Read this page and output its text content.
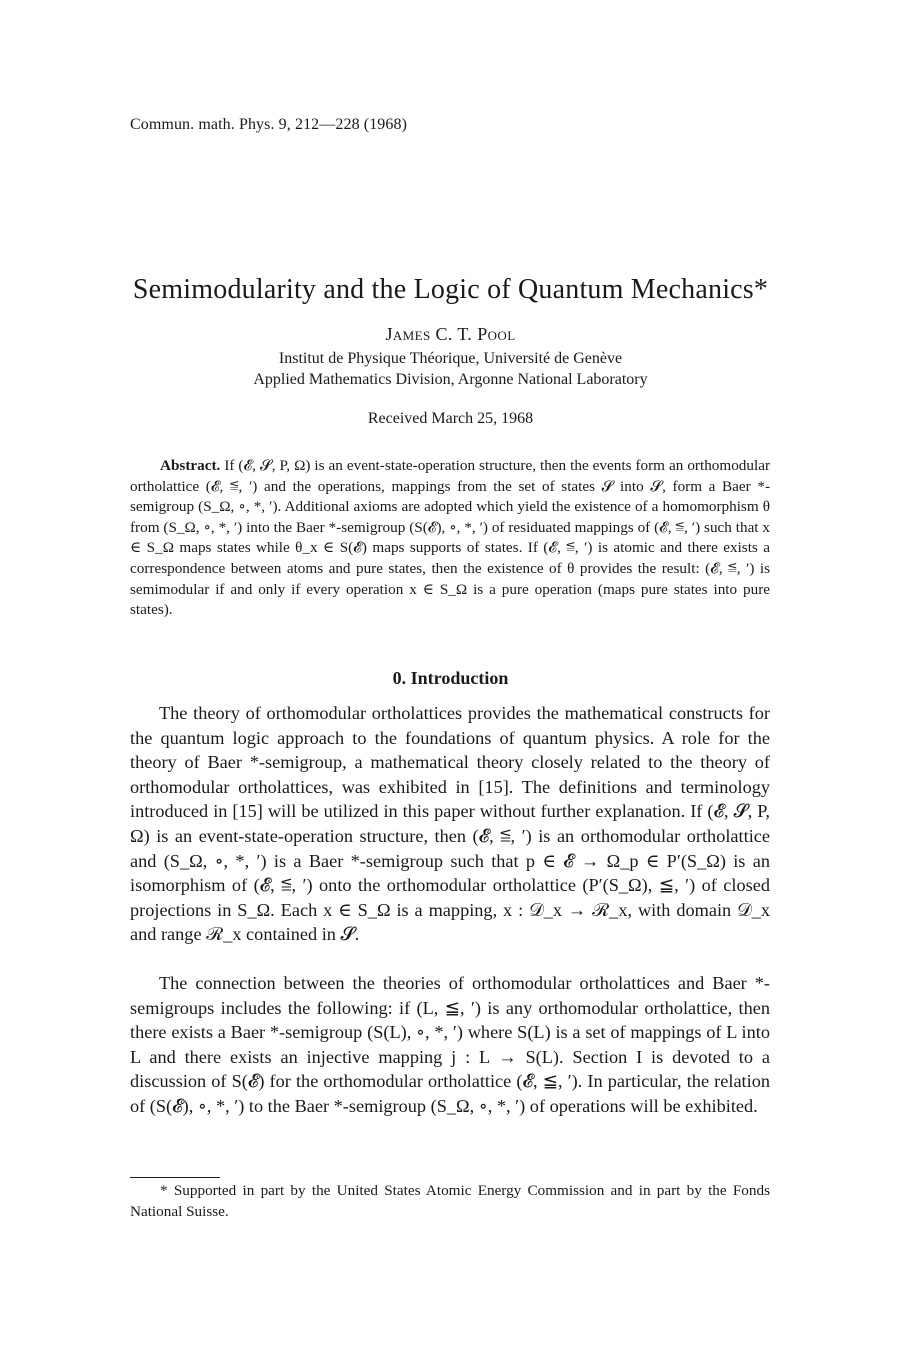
Commun. math. Phys. 9, 212—228 (1968)
Semimodularity and the Logic of Quantum Mechanics*
James C. T. Pool
Institut de Physique Théorique, Université de Genève
Applied Mathematics Division, Argonne National Laboratory
Received March 25, 1968

Abstract. If (𝓔, 𝓢, P, Ω) is an event-state-operation structure, then the events form an orthomodular ortholattice (𝓔, ≦, ′) and the operations, mappings from the set of states 𝓢 into 𝓢, form a Baer *-semigroup (S_Ω, ∘, *, ′). Additional axioms are adopted which yield the existence of a homomorphism θ from (S_Ω, ∘, *, ′) into the Baer *-semigroup (S(𝓔), ∘, *, ′) of residuated mappings of (𝓔, ≦, ′) such that x ∈ S_Ω maps states while θ_x ∈ S(𝓔) maps supports of states. If (𝓔, ≦, ′) is atomic and there exists a correspondence between atoms and pure states, then the existence of θ provides the result: (𝓔, ≦, ′) is semimodular if and only if every operation x ∈ S_Ω is a pure operation (maps pure states into pure states).

0. Introduction

The theory of orthomodular ortholattices provides the mathematical constructs for the quantum logic approach to the foundations of quantum physics. A role for the theory of Baer *-semigroup, a mathematical theory closely related to the theory of orthomodular ortholattices, was exhibited in [15]. The definitions and terminology introduced in [15] will be utilized in this paper without further explanation. If (𝓔, 𝓢, P, Ω) is an event-state-operation structure, then (𝓔, ≦, ′) is an orthomodular ortholattice and (S_Ω, ∘, *, ′) is a Baer *-semigroup such that p ∈ 𝓔 → Ω_p ∈ P′(S_Ω) is an isomorphism of (𝓔, ≦, ′) onto the orthomodular ortholattice (P′(S_Ω), ≦, ′) of closed projections in S_Ω. Each x ∈ S_Ω is a mapping, x : 𝒟_x → ℛ_x, with domain 𝒟_x and range ℛ_x contained in 𝓢.

The connection between the theories of orthomodular ortholattices and Baer *-semigroups includes the following: if (L, ≦, ′) is any orthomodular ortholattice, then there exists a Baer *-semigroup (S(L), ∘, *, ′) where S(L) is a set of mappings of L into L and there exists an injective mapping j : L → S(L). Section I is devoted to a discussion of S(𝓔) for the orthomodular ortholattice (𝓔, ≦, ′). In particular, the relation of (S(𝓔), ∘, *, ′) to the Baer *-semigroup (S_Ω, ∘, *, ′) of operations will be exhibited.

* Supported in part by the United States Atomic Energy Commission and in part by the Fonds National Suisse.
